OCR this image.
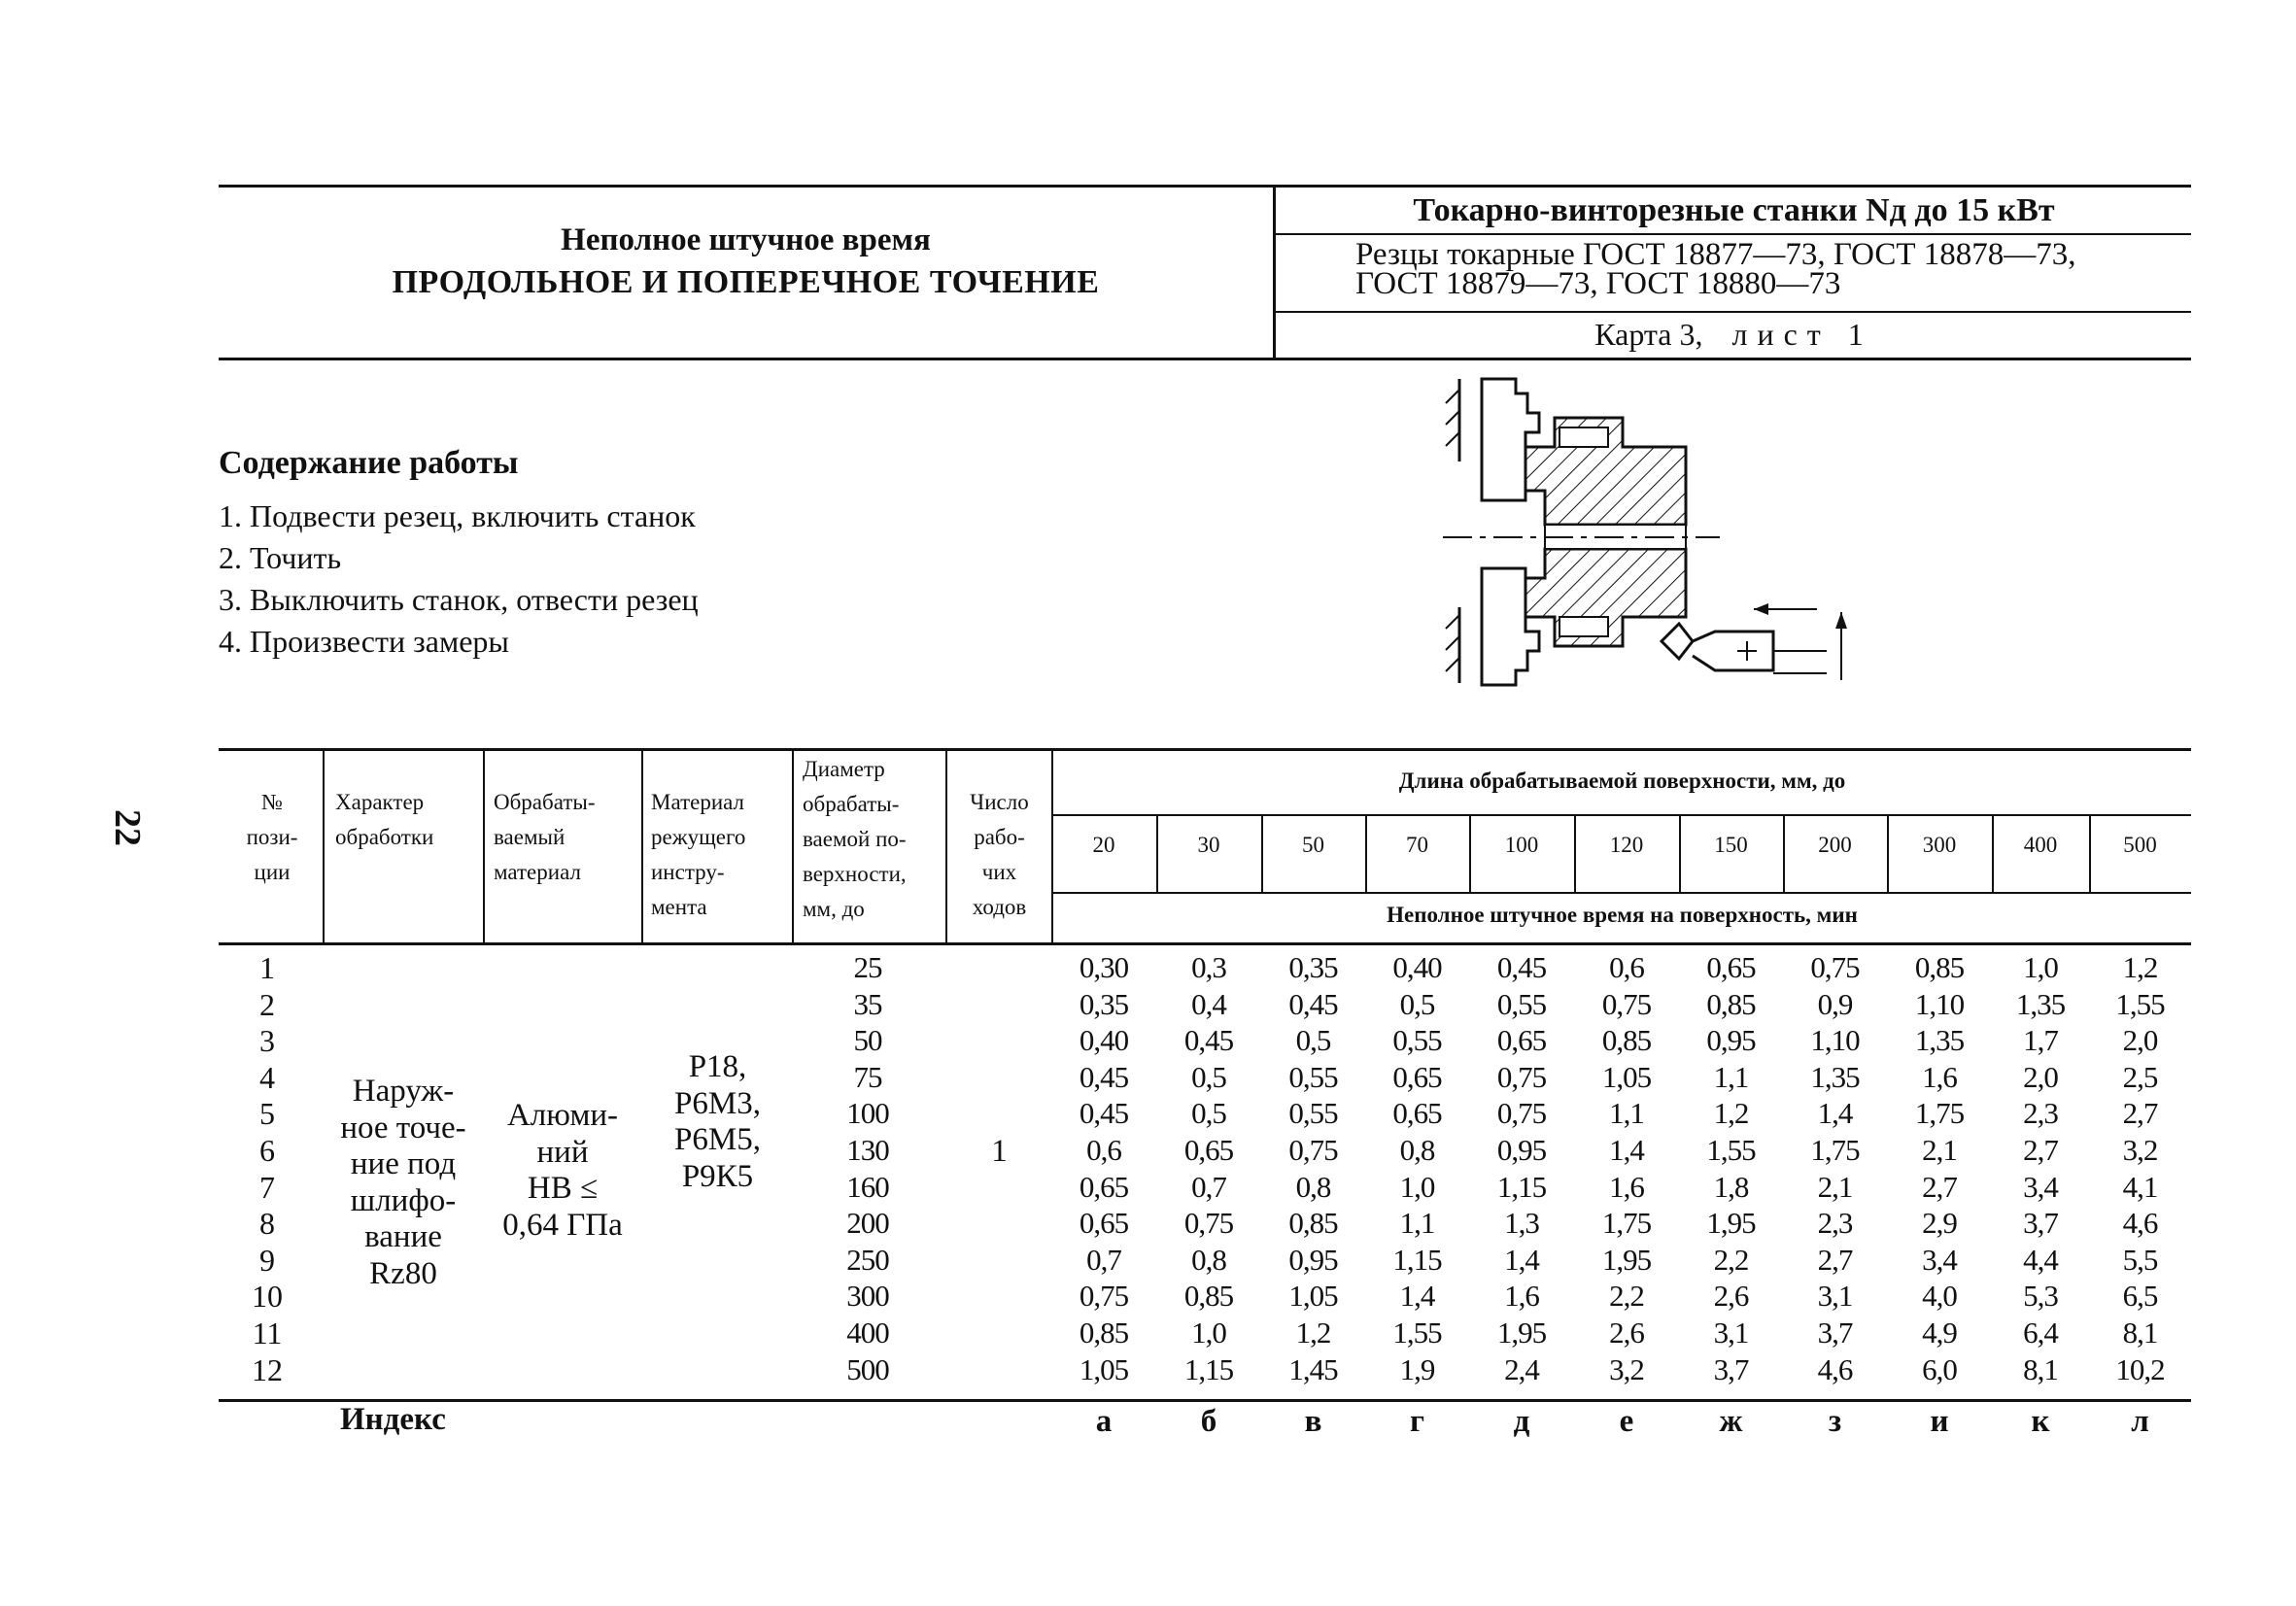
22
Неполное штучное время
ПРОДОЛЬНОЕ И ПОПЕРЕЧНОЕ ТОЧЕНИЕ
Токарно-винторезные станки Nд до 15 кВт
Резцы токарные ГОСТ 18877—73, ГОСТ 18878—73,
ГОСТ 18879—73, ГОСТ 18880—73
Карта 3, лист 1
Содержание работы
1. Подвести резец, включить станок
2. Точить
3. Выключить станок, отвести резец
4. Произвести замеры
№
пози-
ции
Характер
обработки
Обрабаты-
ваемый
материал
Материал
режущего
инстру-
мента
Диаметр
обрабаты-
ваемой по-
верхности,
мм, до
Число
рабо-
чих
ходов
Длина обрабатываемой поверхности, мм, до
Неполное штучное время на поверхность, мин
20	30	50	70	100	120	150	200	300	400	500
Наруж-
ное точе-
ние под
шлифо-
вание
Rz80
Алюми-
ний
HB ≤
0,64 ГПа
Р18,
Р6М3,
Р6М5,
Р9К5
1
1	25	0,30	0,3	0,35	0,40	0,45	0,6	0,65	0,75	0,85	1,0	1,2
2	35	0,35	0,4	0,45	0,5	0,55	0,75	0,85	0,9	1,10	1,35	1,55
3	50	0,40	0,45	0,5	0,55	0,65	0,85	0,95	1,10	1,35	1,7	2,0
4	75	0,45	0,5	0,55	0,65	0,75	1,05	1,1	1,35	1,6	2,0	2,5
5	100	0,45	0,5	0,55	0,65	0,75	1,1	1,2	1,4	1,75	2,3	2,7
6	130	0,6	0,65	0,75	0,8	0,95	1,4	1,55	1,75	2,1	2,7	3,2
7	160	0,65	0,7	0,8	1,0	1,15	1,6	1,8	2,1	2,7	3,4	4,1
8	200	0,65	0,75	0,85	1,1	1,3	1,75	1,95	2,3	2,9	3,7	4,6
9	250	0,7	0,8	0,95	1,15	1,4	1,95	2,2	2,7	3,4	4,4	5,5
10	300	0,75	0,85	1,05	1,4	1,6	2,2	2,6	3,1	4,0	5,3	6,5
11	400	0,85	1,0	1,2	1,55	1,95	2,6	3,1	3,7	4,9	6,4	8,1
12	500	1,05	1,15	1,45	1,9	2,4	3,2	3,7	4,6	6,0	8,1	10,2
Индекс	а	б	в	г	д	е	ж	з	и	к	л
